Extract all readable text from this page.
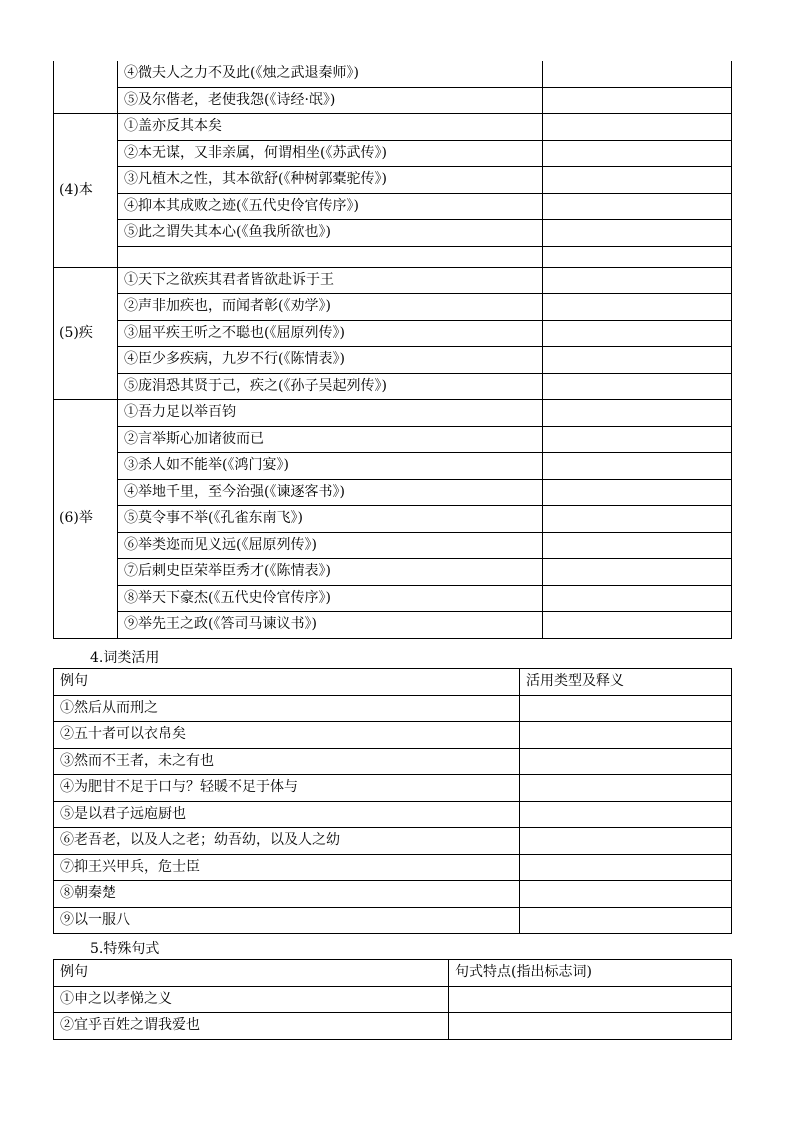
	④微夫人之力不及此(《烛之武退秦师》)	
	⑤及尔偕老，老使我怨(《诗经·氓》)	
(4)本	①盖亦反其本矣	
	②本无谋，又非亲属，何谓相坐(《苏武传》)	
	③凡植木之性，其本欲舒(《种树郭橐驼传》)	
	④抑本其成败之迹(《五代史伶官传序》)	
	⑤此之谓失其本心(《鱼我所欲也》)	

(5)疾	①天下之欲疾其君者皆欲赴诉于王	
	②声非加疾也，而闻者彰(《劝学》)	
	③屈平疾王听之不聪也(《屈原列传》)	
	④臣少多疾病，九岁不行(《陈情表》)	
	⑤庞涓恐其贤于己，疾之(《孙子吴起列传》)	
(6)举	①吾力足以举百钧	
	②言举斯心加诸彼而已	
	③杀人如不能举(《鸿门宴》)	
	④举地千里，至今治强(《谏逐客书》)	
	⑤莫令事不举(《孔雀东南飞》)	
	⑥举类迩而见义远(《屈原列传》)	
	⑦后刺史臣荣举臣秀才(《陈情表》)	
	⑧举天下豪杰(《五代史伶官传序》)	
	⑨举先王之政(《答司马谏议书》)	
4.词类活用
例句	活用类型及释义
①然后从而刑之	
②五十者可以衣帛矣	
③然而不王者，未之有也	
④为肥甘不足于口与？轻暖不足于体与	
⑤是以君子远庖厨也	
⑥老吾老，以及人之老；幼吾幼，以及人之幼	
⑦抑王兴甲兵，危士臣	
⑧朝秦楚	
⑨以一服八	
5.特殊句式
例句	句式特点(指出标志词)
①申之以孝悌之义	
②宜乎百姓之谓我爱也	
